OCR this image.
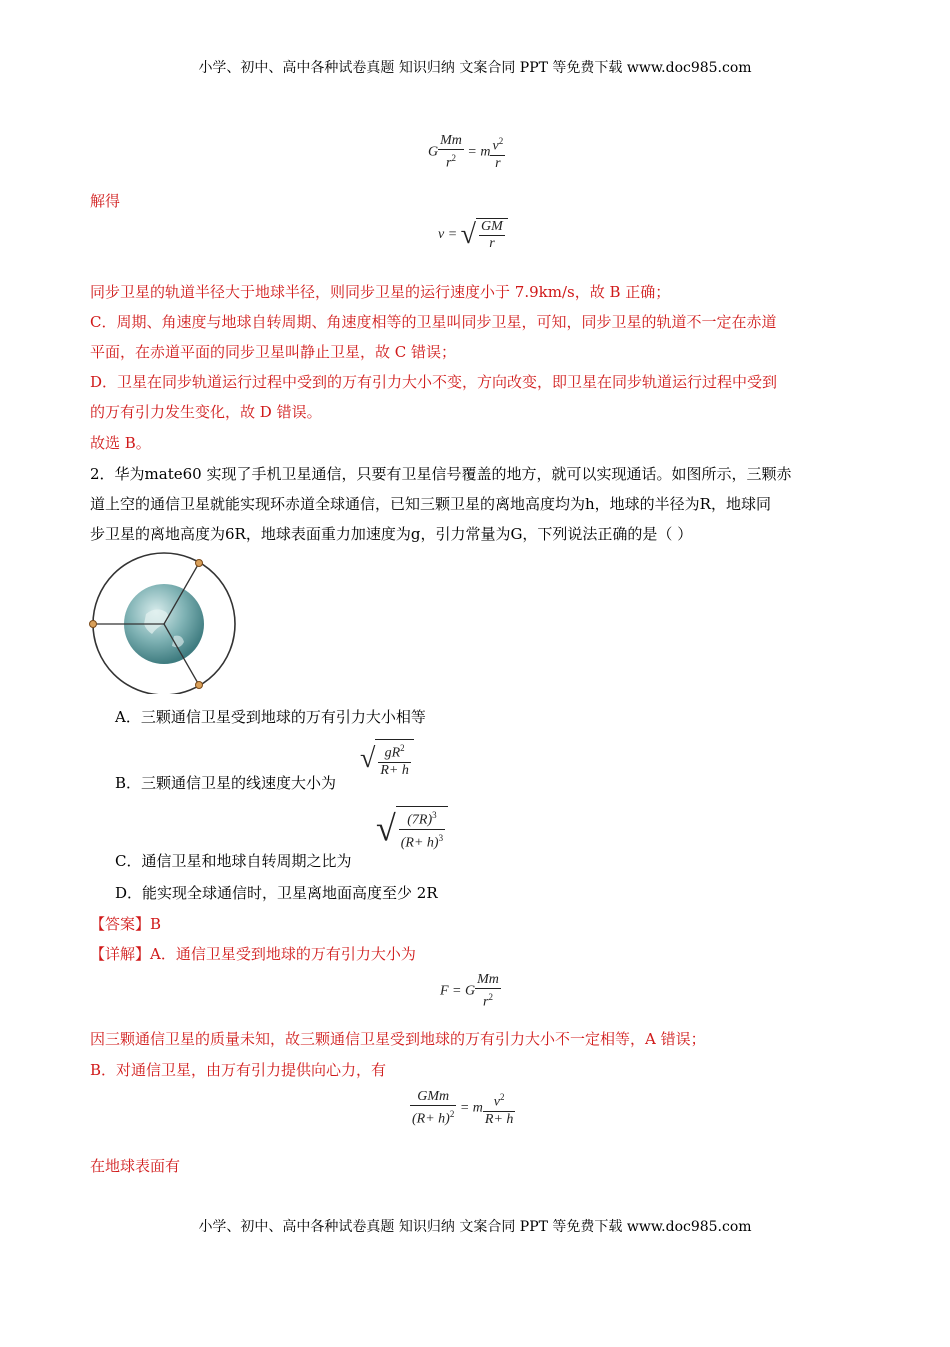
小学、初中、高中各种试卷真题 知识归纳 文案合同 PPT 等免费下载 www.doc985.com
G $\frac{Mm}{r^2} = m \frac{v^2}{r}$
解得
v = √ $\frac{GM}{r}$
同步卫星的轨道半径大于地球半径，则同步卫星的运行速度小于 7.9km/s，故 B 正确；
C．周期、角速度与地球自转周期、角速度相等的卫星叫同步卫星，可知，同步卫星的轨道不一定在赤道
平面，在赤道平面的同步卫星叫静止卫星，故 C 错误；
D．卫星在同步轨道运行过程中受到的万有引力大小不变，方向改变，即卫星在同步轨道运行过程中受到
的万有引力发生变化，故 D 错误。
故选 B。
2．华为mate60 实现了手机卫星通信，只要有卫星信号覆盖的地方，就可以实现通话。如图所示，三颗赤
道上空的通信卫星就能实现环赤道全球通信，已知三颗卫星的离地高度均为h，地球的半径为R，地球同
步卫星的离地高度为6R，地球表面重力加速度为g，引力常量为G，下列说法正确的是（ ）
A．三颗通信卫星受到地球的万有引力大小相等
B．三颗通信卫星的线速度大小为
√ $\frac{gR^2}{R+ h}$
C．通信卫星和地球自转周期之比为
√ $\frac{(7R)^3}{(R+ h)^3}$
D．能实现全球通信时，卫星离地面高度至少 2R
【答案】B
【详解】A．通信卫星受到地球的万有引力大小为
F = G $\frac{Mm}{r^2}$
因三颗通信卫星的质量未知，故三颗通信卫星受到地球的万有引力大小不一定相等，A 错误；
B．对通信卫星，由万有引力提供向心力，有
$\frac{\text{GMm}}{(R+ h)^2} = m \frac{v^2}{R+ h}$
在地球表面有
小学、初中、高中各种试卷真题 知识归纳 文案合同 PPT 等免费下载 www.doc985.com
